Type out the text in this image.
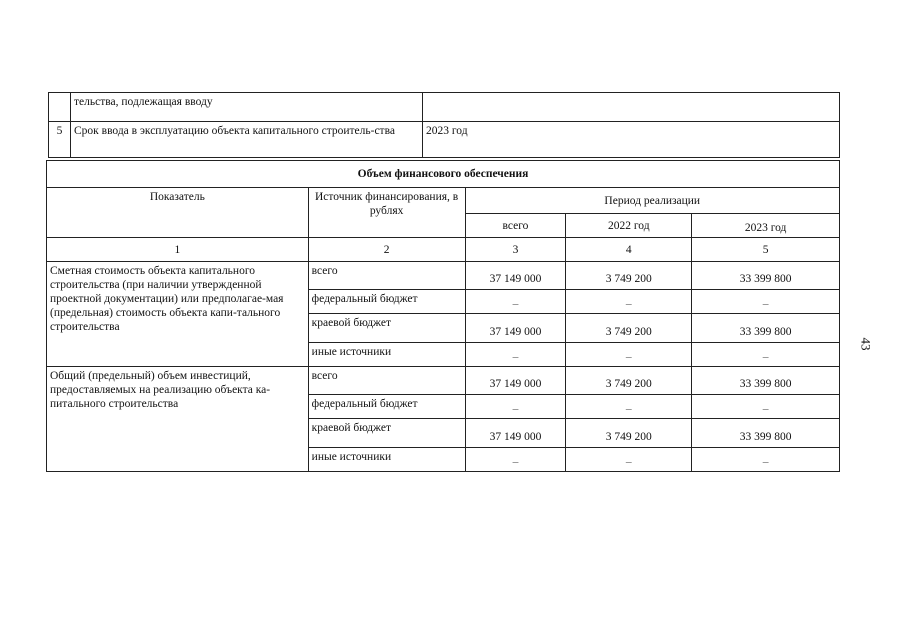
43
	тельства, подлежащая вводу	
5	Срок ввода в эксплуатацию объекта капитального строитель-ства	2023 год
Объем финансового обеспечения				
Показатель	Источник финансирования, в рублях	Период реализации		
		всего	2022 год	2023 год
1	2	3	4	5
Сметная стоимость объекта капитального строительства (при наличии утвержденной проектной документации) или предполагае-мая (предельная) стоимость объекта капи-тального строительства	всего	37 149 000	3 749 200	33 399 800
	федеральный бюджет	–	–	–
	краевой бюджет	37 149 000	3 749 200	33 399 800
	иные источники	–	–	–
Общий (предельный) объем инвестиций, предоставляемых на реализацию объекта ка-питального строительства	всего	37 149 000	3 749 200	33 399 800
	федеральный бюджет	–	–	–
	краевой бюджет	37 149 000	3 749 200	33 399 800
	иные источники	–	–	–
